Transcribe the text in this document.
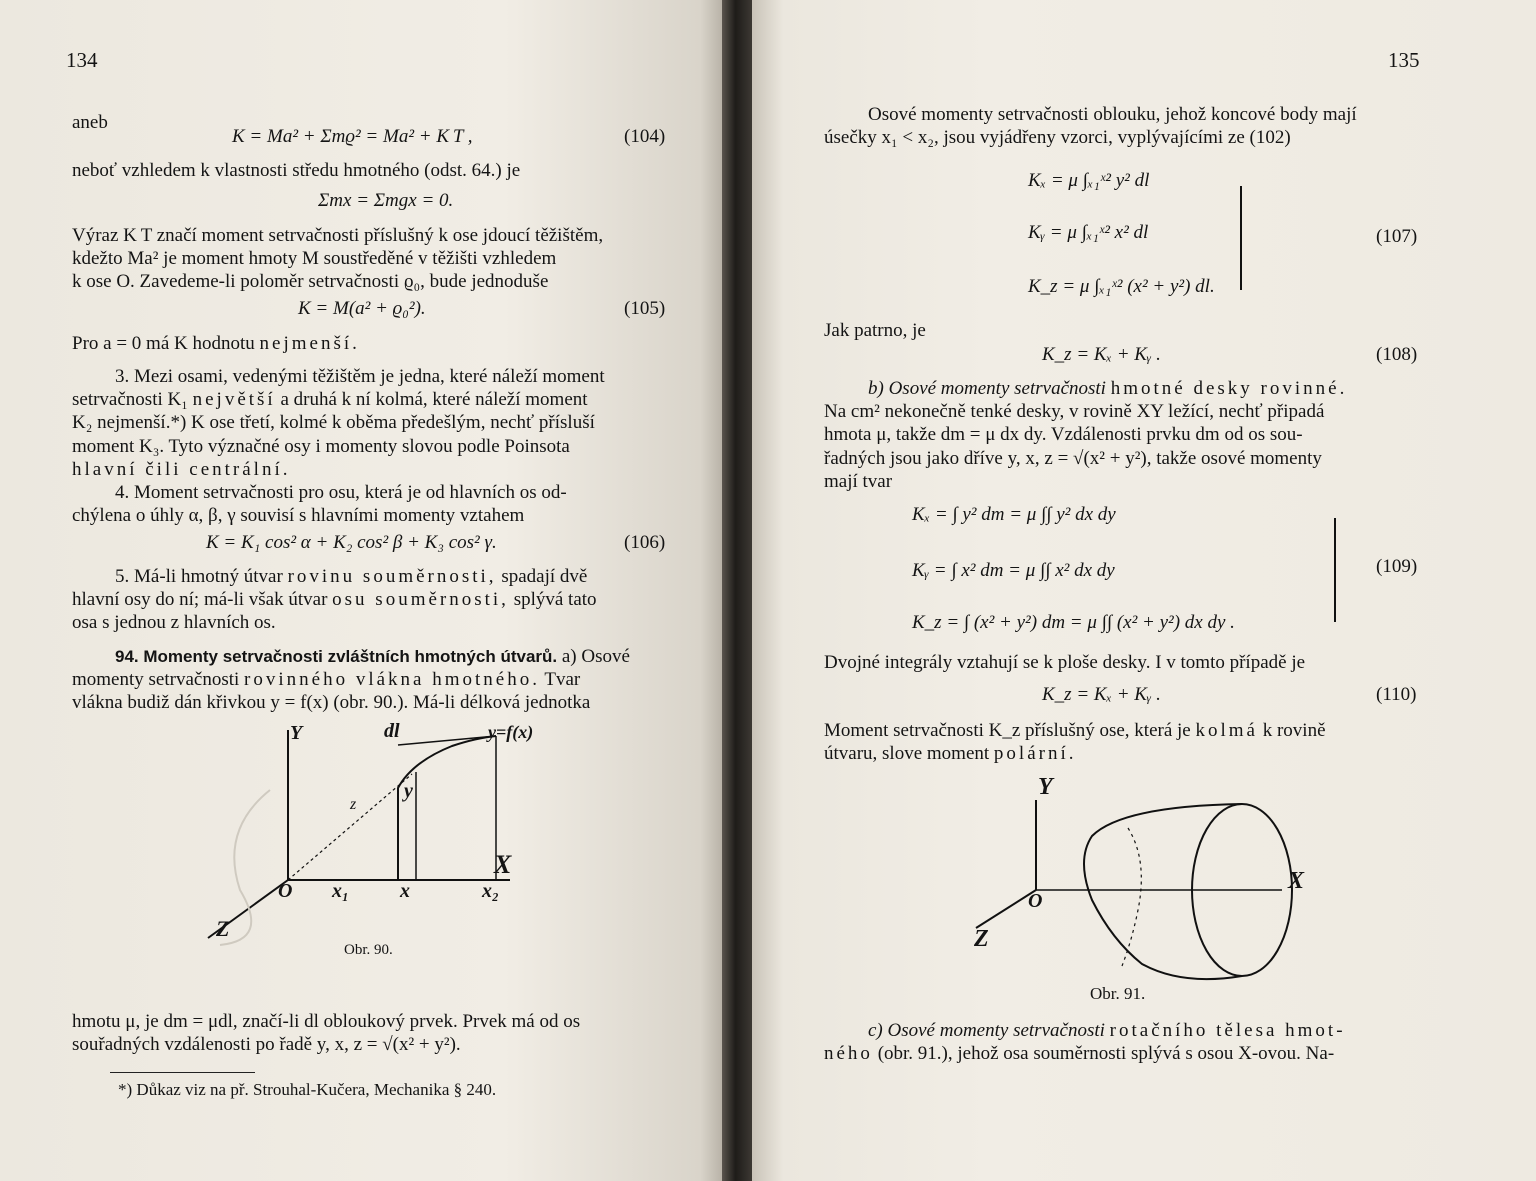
134
aneb
K = Ma² + Σmϱ² = Ma² + K T ,	(104)
neboť vzhledem k vlastnosti středu hmotného (odst. 64.) je
Σmx = Σmgx = 0.
Výraz K T značí moment setrvačnosti příslušný k ose jdoucí těžištěm,
kdežto Ma² je moment hmoty M soustředěné v těžišti vzhledem
k ose O. Zavedeme-li poloměr setrvačnosti ϱ₀, bude jednoduše
K = M(a² + ϱ₀²).	(105)
Pro a = 0 má K hodnotu nejmenší.
3. Mezi osami, vedenými těžištěm je jedna, které náleží moment
setrvačnosti K₁ největší a druhá k ní kolmá, které náleží moment
K₂ nejmenší.*) K ose třetí, kolmé k oběma předešlým, nechť přísluší
moment K₃. Tyto význačné osy i momenty slovou podle Poinsota
hlavní čili centrální.
4. Moment setrvačnosti pro osu, která je od hlavních os od-
chýlena o úhly α, β, γ souvisí s hlavními momenty vztahem
K = K₁ cos² α + K₂ cos² β + K₃ cos² γ.	(106)
5. Má-li hmotný útvar rovinu souměrnosti, spadají dvě
hlavní osy do ní; má-li však útvar osu souměrnosti, splývá tato
osa s jednou z hlavních os.
94. Momenty setrvačnosti zvláštních hmotných útvarů. a) Osové
momenty setrvačnosti rovinného vlákna hmotného. Tvar
vlákna budiž dán křivkou y = f(x) (obr. 90.). Má-li délková jednotka
Y	dl	y=f(x)
y
z
X
O x₁	x	x₂
Z
Obr. 90.
hmotu μ, je dm = μdl, značí-li dl obloukový prvek. Prvek má od os
souřadných vzdálenosti po řadě y, x, z = √(x² + y²).
*) Důkaz viz na př. Strouhal-Kučera, Mechanika § 240.
135
Osové momenty setrvačnosti oblouku, jehož koncové body mají
úsečky x₁ < x₂, jsou vyjádřeny vzorci, vyplývajícími ze (102)
Kₓ = μ ∫ₓ₁ˣ² y² dl
Kᵧ = μ ∫ₓ₁ˣ² x² dl
K_z = μ ∫ₓ₁ˣ² (x² + y²) dl.
(107)
Jak patrno, je
K_z = Kₓ + Kᵧ .	(108)
b) Osové momenty setrvačnosti hmotné desky rovinné.
Na cm² nekonečně tenké desky, v rovině XY ležící, nechť připadá
hmota μ, takže dm = μ dx dy. Vzdálenosti prvku dm od os sou-
řadných jsou jako dříve y, x, z = √(x² + y²), takže osové momenty
mají tvar
Kₓ = ∫ y² dm = μ ∫∫ y² dx dy
Kᵧ = ∫ x² dm = μ ∫∫ x² dx dy
K_z = ∫ (x² + y²) dm = μ ∫∫ (x² + y²) dx dy .
(109)
Dvojné integrály vztahují se k ploše desky. I v tomto případě je
K_z = Kₓ + Kᵧ .	(110)
Moment setrvačnosti K_z příslušný ose, která je kolmá k rovině
útvaru, slove moment polární.
Y
X
O
Z
Obr. 91.
c) Osové momenty setrvačnosti rotačního tělesa hmot-
ného (obr. 91.), jehož osa souměrnosti splývá s osou X-ovou. Na-
